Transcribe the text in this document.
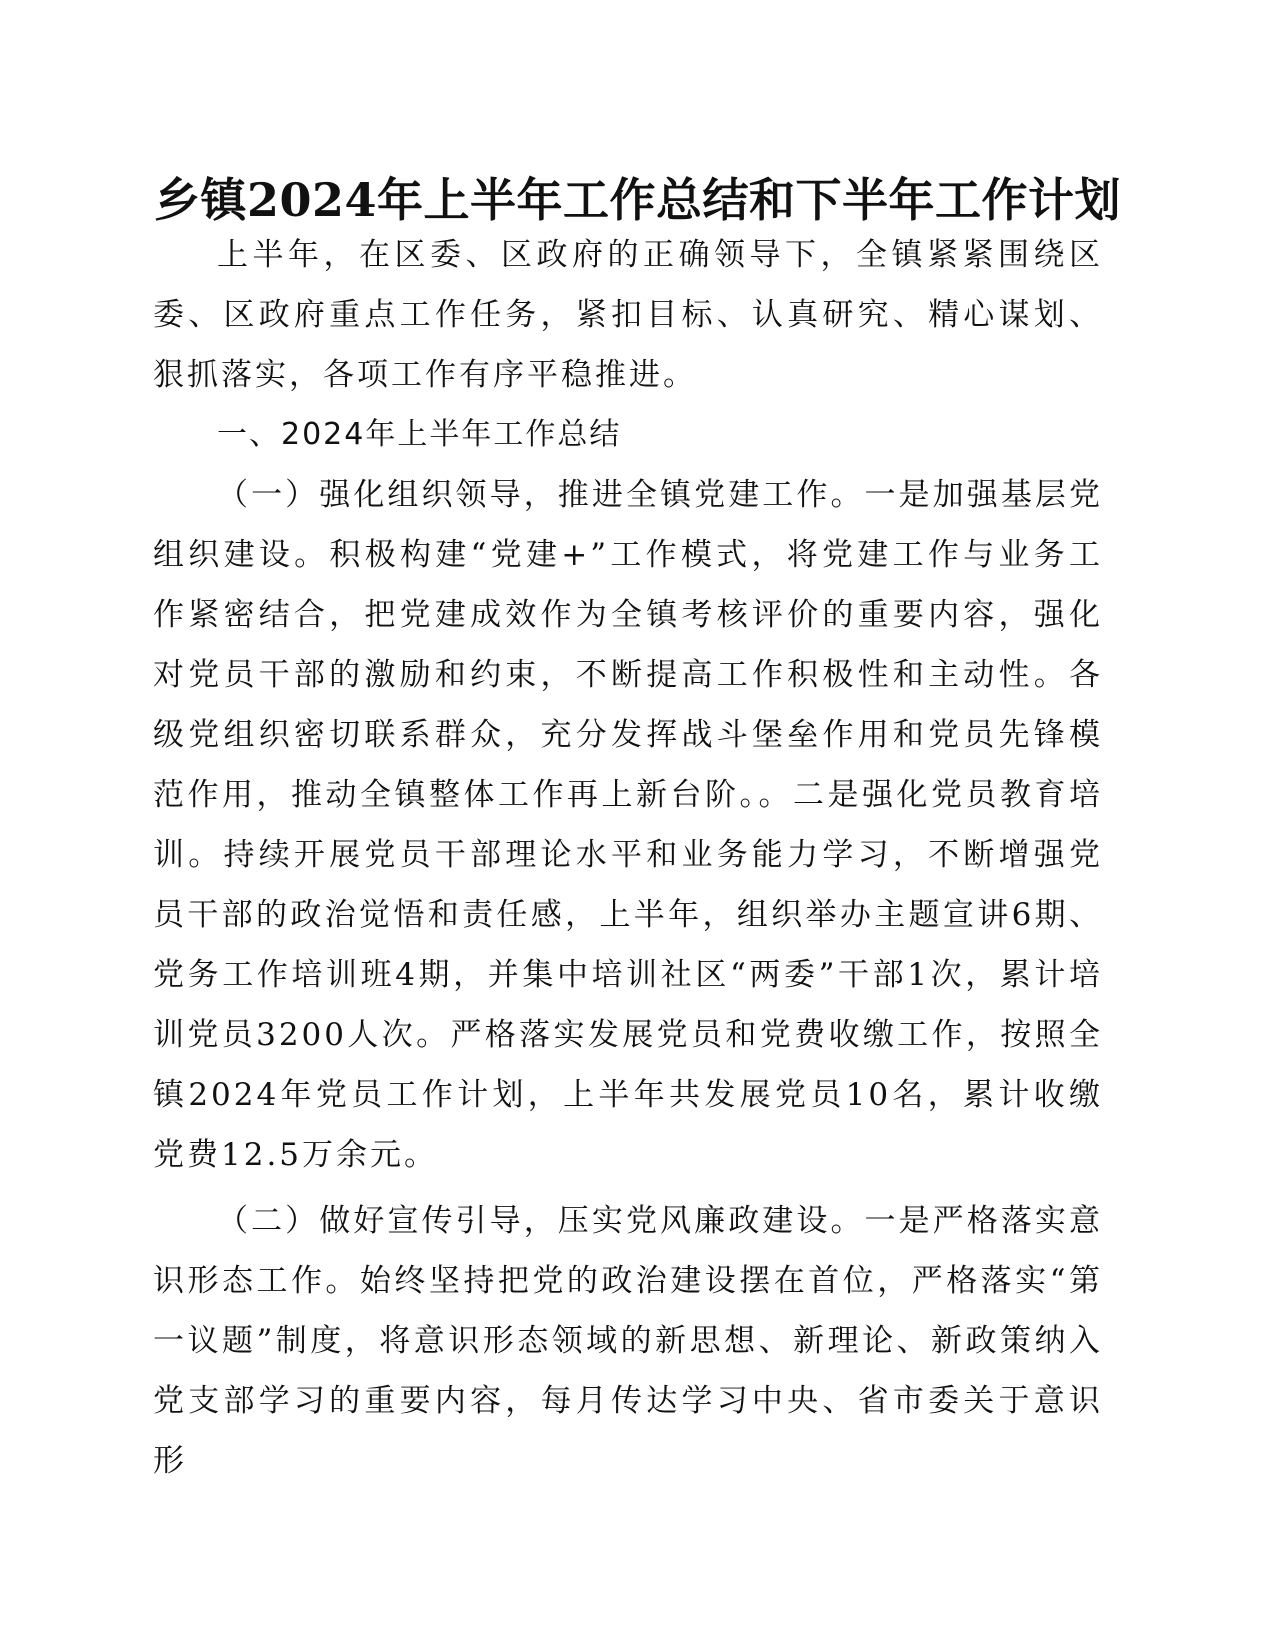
乡镇2024年上半年工作总结和下半年工作计划

上半年，在区委、区政府的正确领导下，全镇紧紧围绕区委、区政府重点工作任务，紧扣目标、认真研究、精心谋划、狠抓落实，各项工作有序平稳推进。

一、2024年上半年工作总结

（一）强化组织领导，推进全镇党建工作。一是加强基层党组织建设。积极构建“党建+”工作模式，将党建工作与业务工作紧密结合，把党建成效作为全镇考核评价的重要内容，强化对党员干部的激励和约束，不断提高工作积极性和主动性。各级党组织密切联系群众，充分发挥战斗堡垒作用和党员先锋模范作用，推动全镇整体工作再上新台阶。。二是强化党员教育培训。持续开展党员干部理论水平和业务能力学习，不断增强党员干部的政治觉悟和责任感，上半年，组织举办主题宣讲6期、党务工作培训班4期，并集中培训社区“两委”干部1次，累计培训党员3200人次。严格落实发展党员和党费收缴工作，按照全镇2024年党员工作计划，上半年共发展党员10名，累计收缴党费12.5万余元。

（二）做好宣传引导，压实党风廉政建设。一是严格落实意识形态工作。始终坚持把党的政治建设摆在首位，严格落实“第一议题”制度，将意识形态领域的新思想、新理论、新政策纳入党支部学习的重要内容，每月传达学习中央、省市委关于意识形
